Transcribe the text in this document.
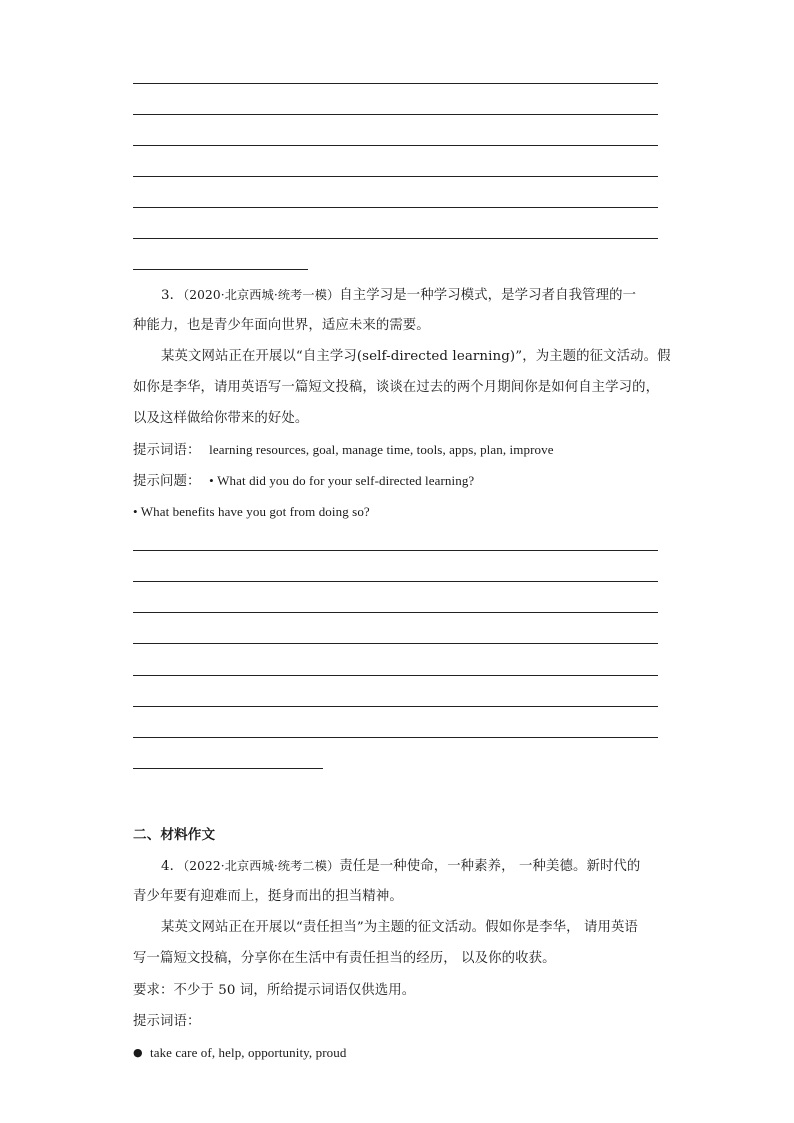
3．（2020·北京西城·统考一模）自主学习是一种学习模式，是学习者自我管理的一
种能力，也是青少年面向世界，适应未来的需要。
某英文网站正在开展以“自主学习(self-directed learning)”，为主题的征文活动。假
如你是李华，请用英语写一篇短文投稿，谈谈在过去的两个月期间你是如何自主学习的，
以及这样做给你带来的好处。
提示词语： learning resources, goal, manage time, tools, apps, plan, improve
提示问题： • What did you do for your self-directed learning?
• What benefits have you got from doing so?
二、材料作文
4．（2022·北京西城·统考二模）责任是一种使命，一种素养， 一种美德。新时代的
青少年要有迎难而上，挺身而出的担当精神。
某英文网站正在开展以“责任担当”为主题的征文活动。假如你是李华， 请用英语
写一篇短文投稿，分享你在生活中有责任担当的经历， 以及你的收获。
要求：不少于 50 词，所给提示词语仅供选用。
提示词语：
● take care of, help, opportunity, proud
